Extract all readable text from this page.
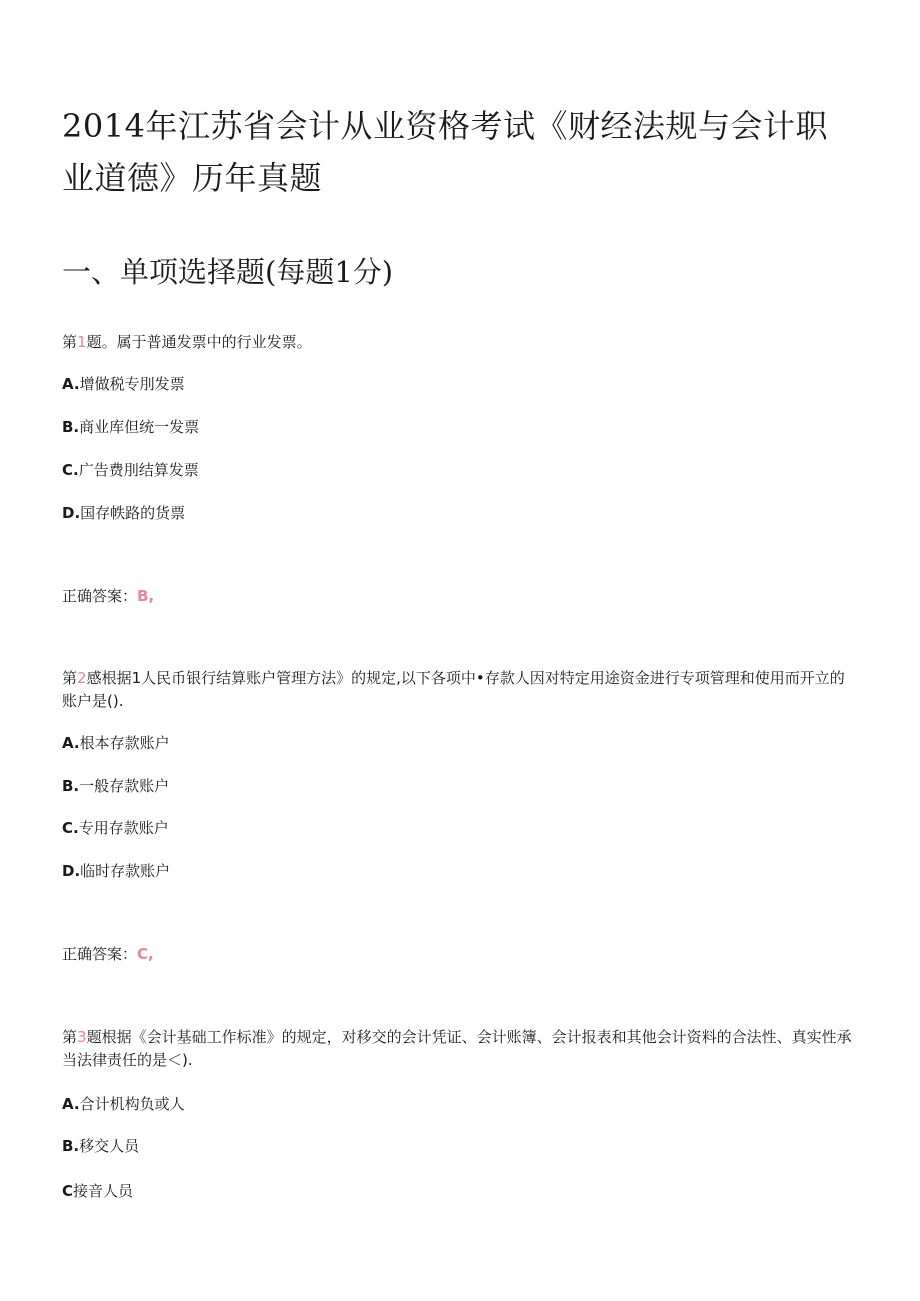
2014年江苏省会计从业资格考试《财经法规与会计职业道德》历年真题
一、单项选择题(每题1分)

第1题。属于普通发票中的行业发票。

A.增做税专刖发票

B.商业库但统一发票

C.广告费刖结算发票

D.国存帙路的货票

正确答案：B,

第2感根据1人民币银行结算账户管理方法》的规定,以下各项中•存款人因对特定用途资金进行专项管理和使用而开立的账户是().

A.根本存款账户

B.一般存款账户

C.专用存款账户

D.临时存款账户

正确答案：C,

第3题根据《会计基础工作标准》的规定，对移交的会计凭证、会计账簿、会计报表和其他会计资料的合法性、真实性承当法律责任的是＜).

A.合计机构负或人

B.移交人员

C接音人员
